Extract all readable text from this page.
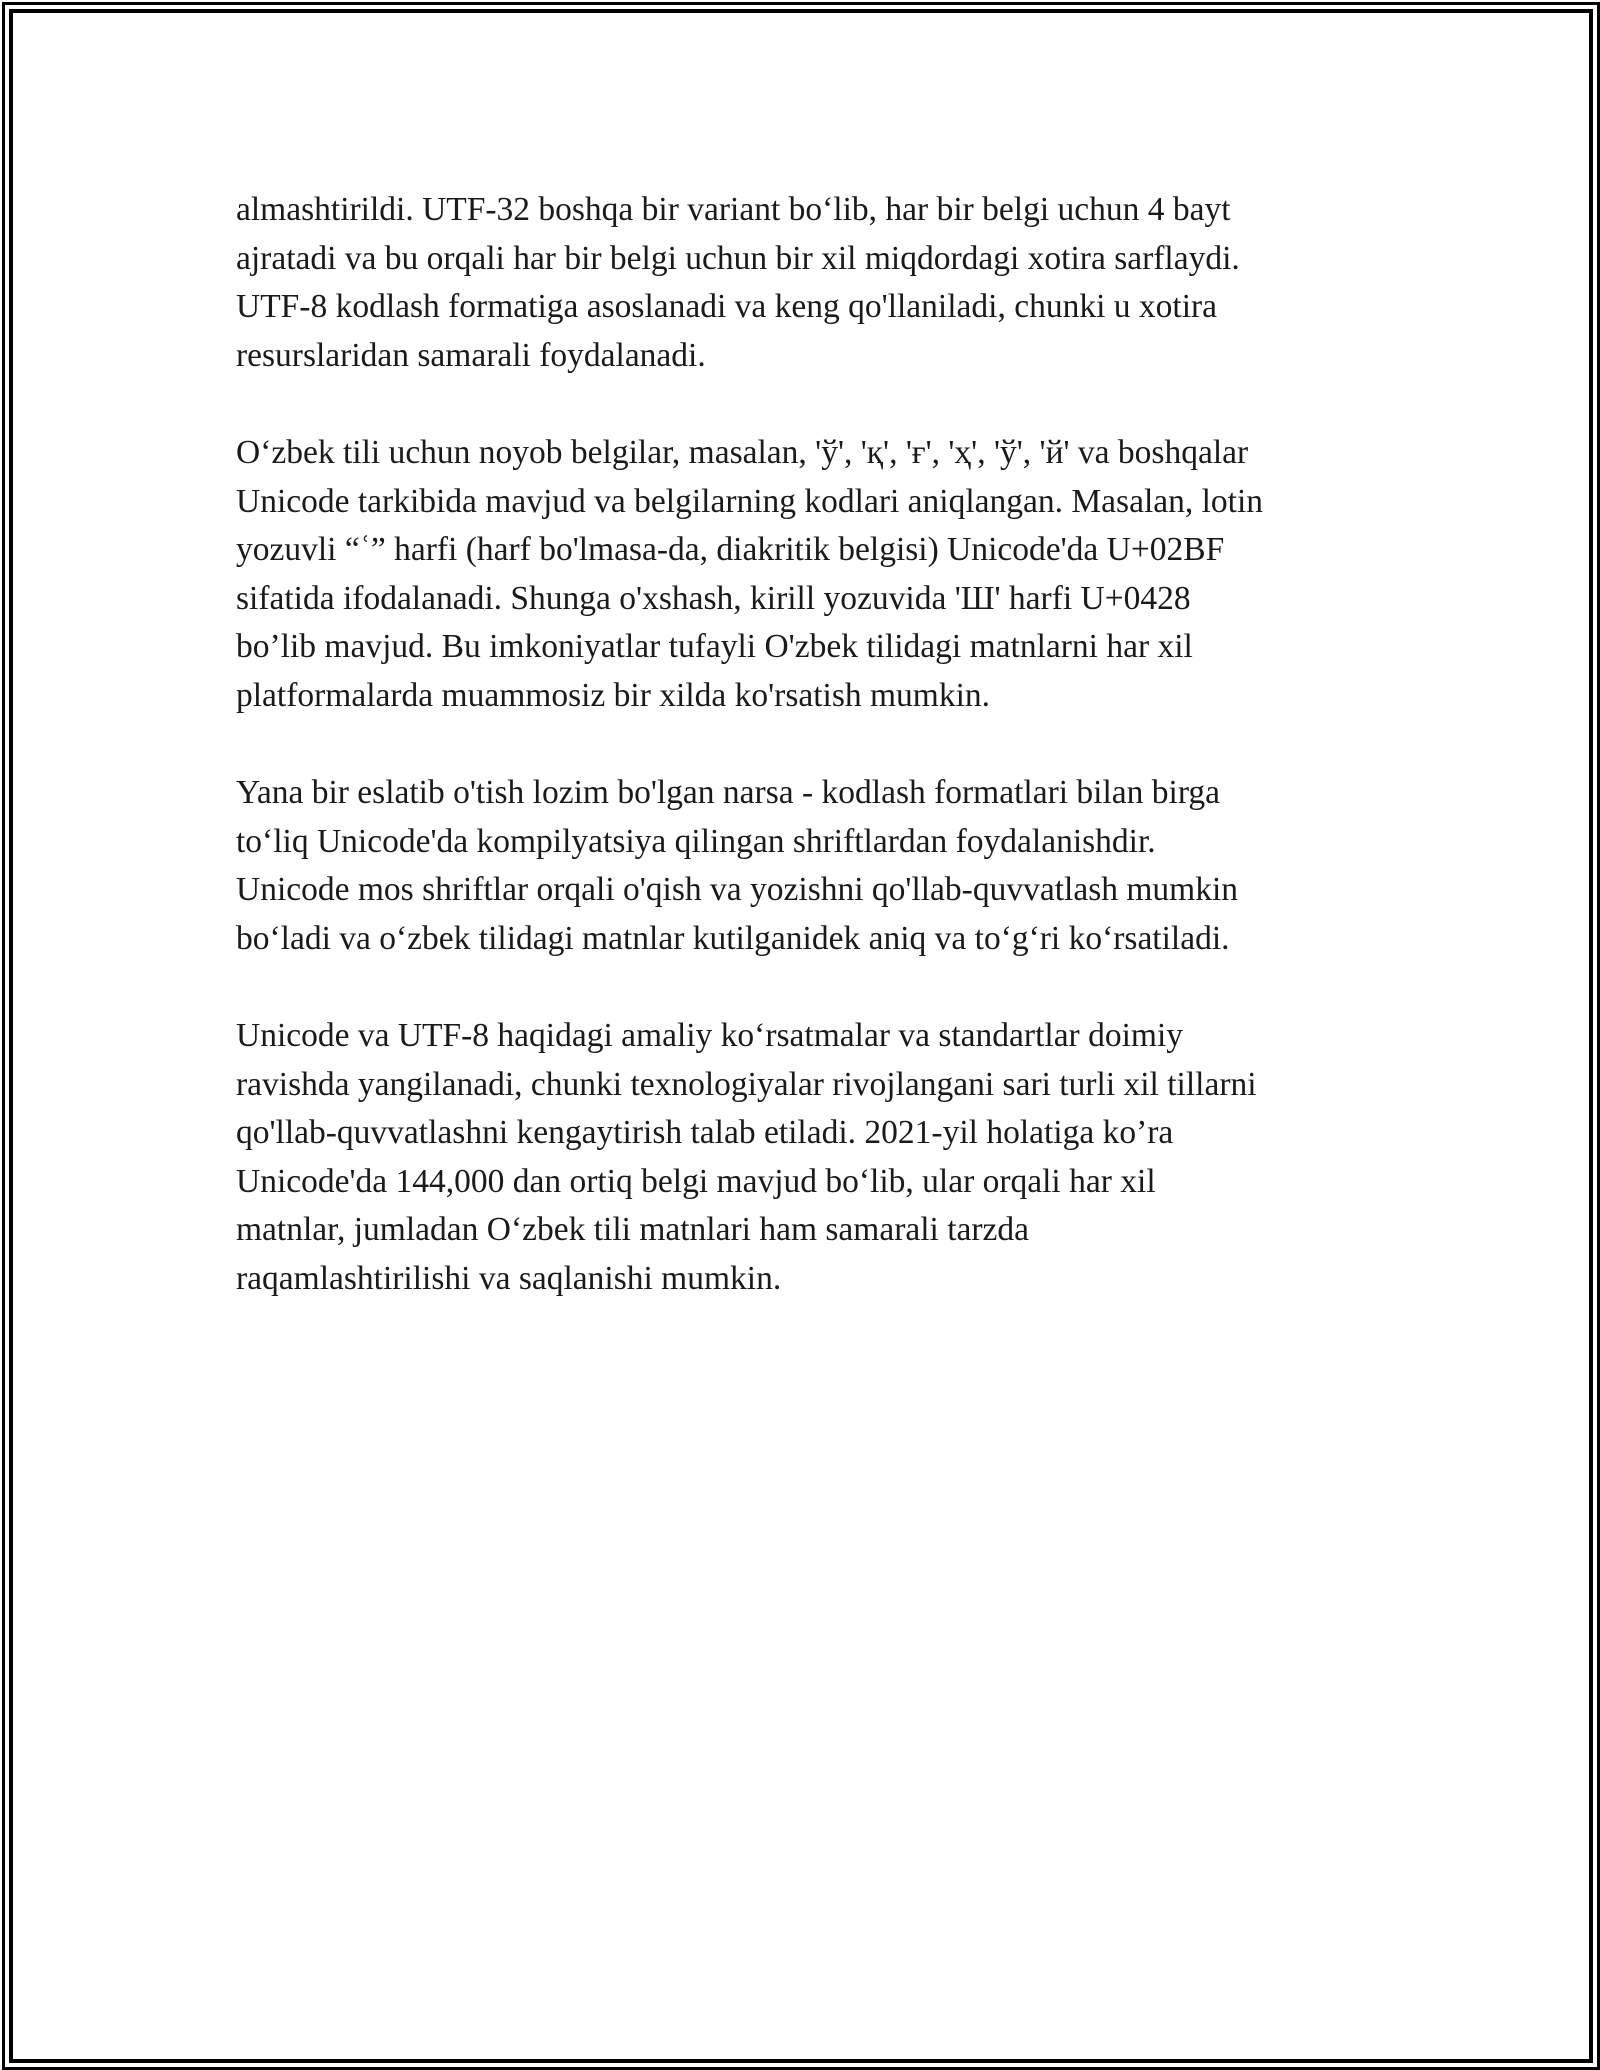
almashtirildi. UTF-32 boshqa bir variant bo‘lib, har bir belgi uchun 4 bayt
ajratadi va bu orqali har bir belgi uchun bir xil miqdordagi xotira sarflaydi.
UTF-8 kodlash formatiga asoslanadi va keng qo'llaniladi, chunki u xotira
resurslaridan samarali foydalanadi.

O‘zbek tili uchun noyob belgilar, masalan, 'ў', 'қ', 'ғ', 'ҳ', 'ў', 'й' va boshqalar
Unicode tarkibida mavjud va belgilarning kodlari aniqlangan. Masalan, lotin
yozuvli “ʿ” harfi (harf bo'lmasa-da, diakritik belgisi) Unicode'da U+02BF
sifatida ifodalanadi. Shunga o'xshash, kirill yozuvida 'Ш' harfi U+0428
bo’lib mavjud. Bu imkoniyatlar tufayli O'zbek tilidagi matnlarni har xil
platformalarda muammosiz bir xilda ko'rsatish mumkin.

Yana bir eslatib o'tish lozim bo'lgan narsa - kodlash formatlari bilan birga
to‘liq Unicode'da kompilyatsiya qilingan shriftlardan foydalanishdir.
Unicode mos shriftlar orqali o'qish va yozishni qo'llab-quvvatlash mumkin
bo‘ladi va o‘zbek tilidagi matnlar kutilganidek aniq va to‘g‘ri ko‘rsatiladi.

Unicode va UTF-8 haqidagi amaliy ko‘rsatmalar va standartlar doimiy
ravishda yangilanadi, chunki texnologiyalar rivojlangani sari turli xil tillarni
qo'llab-quvvatlashni kengaytirish talab etiladi. 2021-yil holatiga ko’ra
Unicode'da 144,000 dan ortiq belgi mavjud bo‘lib, ular orqali har xil
matnlar, jumladan O‘zbek tili matnlari ham samarali tarzda
raqamlashtirilishi va saqlanishi mumkin.
